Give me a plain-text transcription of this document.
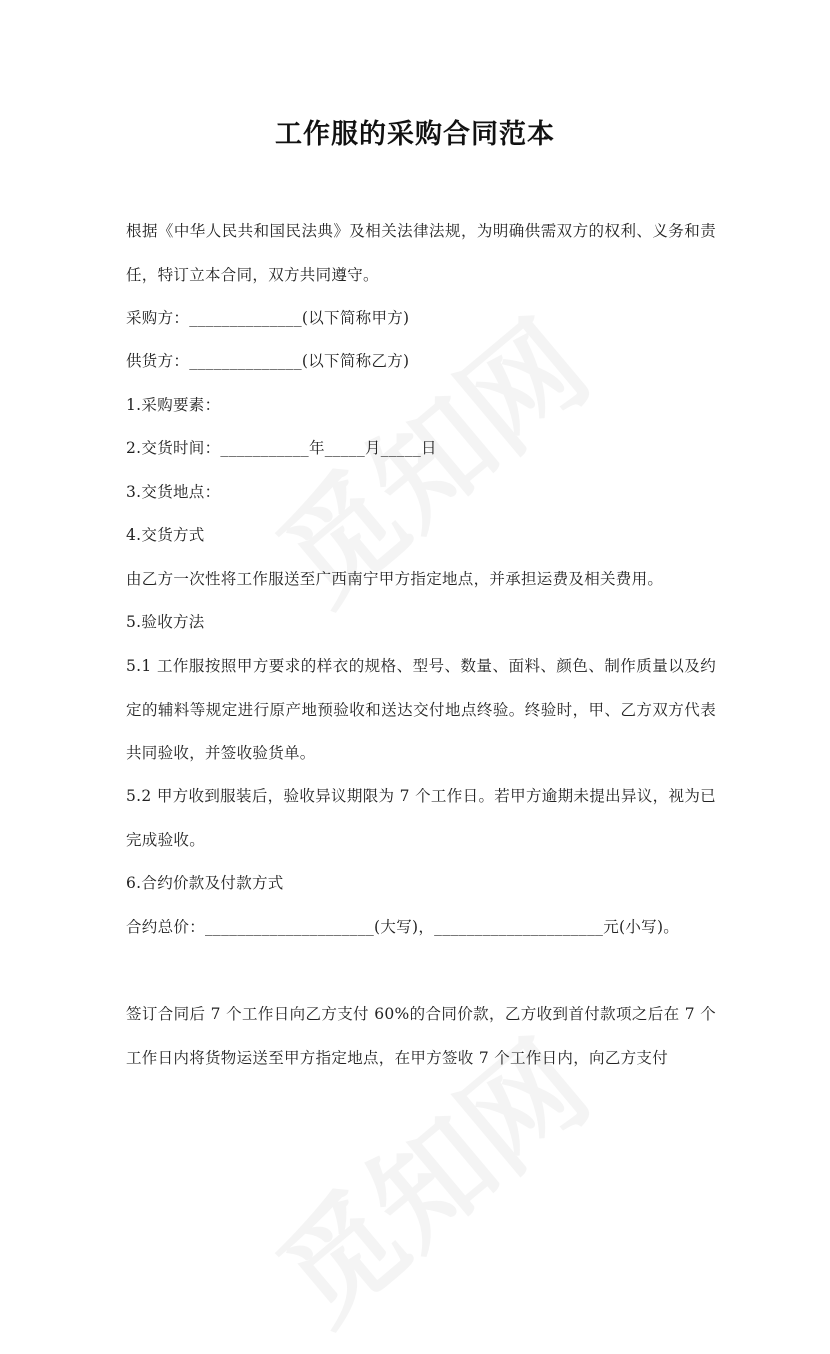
工作服的采购合同范本
根据《中华人民共和国民法典》及相关法律法规，为明确供需双方的权利、义务和责任，特订立本合同，双方共同遵守。
采购方：______________(以下简称甲方)
供货方：______________(以下简称乙方)
1.采购要素：
2.交货时间：___________年_____月_____日
3.交货地点：
4.交货方式
由乙方一次性将工作服送至广西南宁甲方指定地点，并承担运费及相关费用。
5.验收方法
5.1 工作服按照甲方要求的样衣的规格、型号、数量、面料、颜色、制作质量以及约定的辅料等规定进行原产地预验收和送达交付地点终验。终验时，甲、乙方双方代表共同验收，并签收验货单。
5.2 甲方收到服装后，验收异议期限为 7 个工作日。若甲方逾期未提出异议，视为已完成验收。
6.合约价款及付款方式
合约总价：_____________________(大写)，_____________________元(小写)。
签订合同后 7 个工作日向乙方支付 60%的合同价款，乙方收到首付款项之后在 7 个工作日内将货物运送至甲方指定地点，在甲方签收 7 个工作日内，向乙方支付
